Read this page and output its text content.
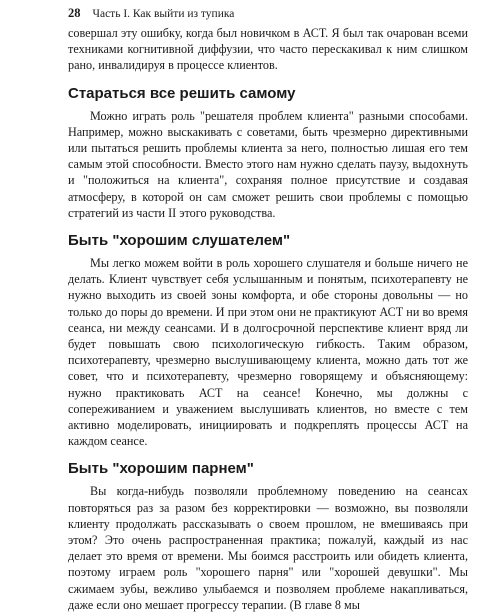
28 Часть I. Как выйти из тупика

совершал эту ошибку, когда был новичком в АСТ. Я был так очарован всеми техниками когнитивной диффузии, что часто перескакивал к ним слишком рано, инвалидируя в процессе клиентов.

Стараться все решить самому

Можно играть роль "решателя проблем клиента" разными способами. Например, можно выскакивать с советами, быть чрезмерно директивными или пытаться решить проблемы клиента за него, полностью лишая его тем самым этой способности. Вместо этого нам нужно сделать паузу, выдохнуть и "положиться на клиента", сохраняя полное присутствие и создавая атмосферу, в которой он сам сможет решить свои проблемы с помощью стратегий из части II этого руководства.

Быть "хорошим слушателем"

Мы легко можем войти в роль хорошего слушателя и больше ничего не делать. Клиент чувствует себя услышанным и понятым, психотерапевту не нужно выходить из своей зоны комфорта, и обе стороны довольны — но только до поры до времени. И при этом они не практикуют АСТ ни во время сеанса, ни между сеансами. И в долгосрочной перспективе клиент вряд ли будет повышать свою психологическую гибкость. Таким образом, психотерапевту, чрезмерно выслушивающему клиента, можно дать тот же совет, что и психотерапевту, чрезмерно говорящему и объясняющему: нужно практиковать АСТ на сеансе! Конечно, мы должны с сопереживанием и уважением выслушивать клиентов, но вместе с тем активно моделировать, инициировать и подкреплять процессы АСТ на каждом сеансе.

Быть "хорошим парнем"

Вы когда-нибудь позволяли проблемному поведению на сеансах повторяться раз за разом без корректировки — возможно, вы позволяли клиенту продолжать рассказывать о своем прошлом, не вмешиваясь при этом? Это очень распространенная практика; пожалуй, каждый из нас делает это время от времени. Мы боимся расстроить или обидеть клиента, поэтому играем роль "хорошего парня" или "хорошей девушки". Мы сжимаем зубы, вежливо улыбаемся и позволяем проблеме накапливаться, даже если оно мешает прогрессу терапии. (В главе 8 мы
